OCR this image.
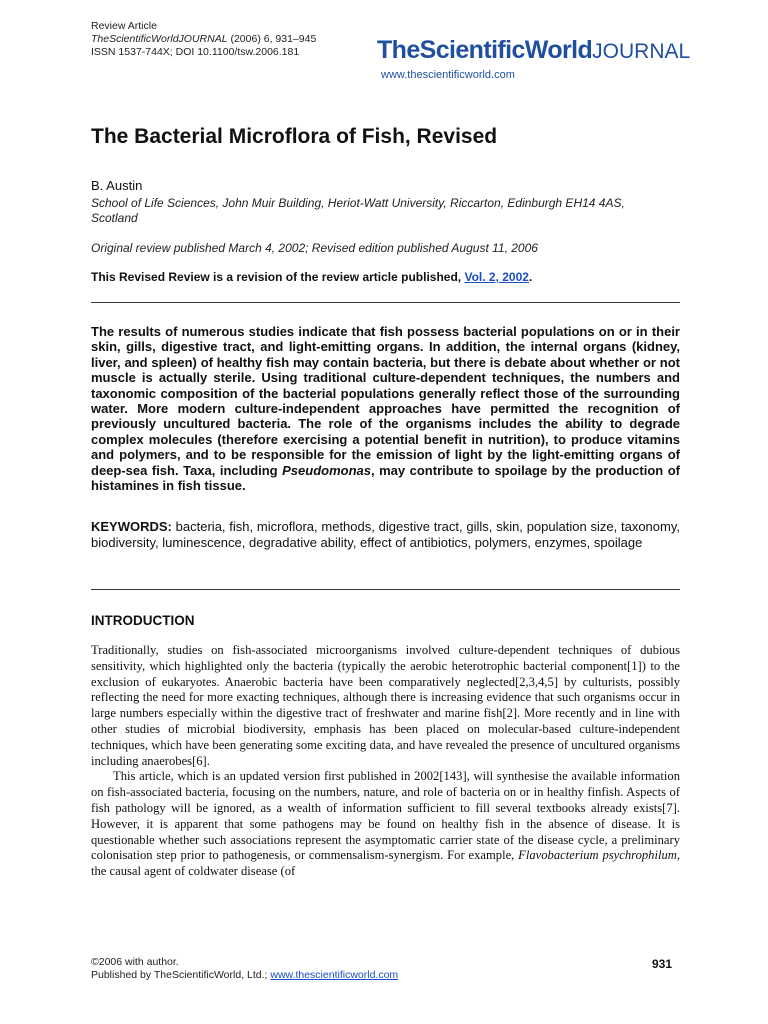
Review Article
TheScientificWorldJOURNAL (2006) 6, 931–945
ISSN 1537-744X; DOI 10.1100/tsw.2006.181	TheScientificWorldJOURNAL
www.thescientificworld.com
The Bacterial Microflora of Fish, Revised
B. Austin
School of Life Sciences, John Muir Building, Heriot-Watt University, Riccarton, Edinburgh EH14 4AS, Scotland
Original review published March 4, 2002; Revised edition published August 11, 2006
This Revised Review is a revision of the review article published, Vol. 2, 2002.
The results of numerous studies indicate that fish possess bacterial populations on or in their skin, gills, digestive tract, and light-emitting organs. In addition, the internal organs (kidney, liver, and spleen) of healthy fish may contain bacteria, but there is debate about whether or not muscle is actually sterile. Using traditional culture-dependent techniques, the numbers and taxonomic composition of the bacterial populations generally reflect those of the surrounding water. More modern culture-independent approaches have permitted the recognition of previously uncultured bacteria. The role of the organisms includes the ability to degrade complex molecules (therefore exercising a potential benefit in nutrition), to produce vitamins and polymers, and to be responsible for the emission of light by the light-emitting organs of deep-sea fish. Taxa, including Pseudomonas, may contribute to spoilage by the production of histamines in fish tissue.
KEYWORDS: bacteria, fish, microflora, methods, digestive tract, gills, skin, population size, taxonomy, biodiversity, luminescence, degradative ability, effect of antibiotics, polymers, enzymes, spoilage
INTRODUCTION

Traditionally, studies on fish-associated microorganisms involved culture-dependent techniques of dubious sensitivity, which highlighted only the bacteria (typically the aerobic heterotrophic bacterial component[1]) to the exclusion of eukaryotes. Anaerobic bacteria have been comparatively neglected[2,3,4,5] by culturists, possibly reflecting the need for more exacting techniques, although there is increasing evidence that such organisms occur in large numbers especially within the digestive tract of freshwater and marine fish[2]. More recently and in line with other studies of microbial biodiversity, emphasis has been placed on molecular-based culture-independent techniques, which have been generating some exciting data, and have revealed the presence of uncultured organisms including anaerobes[6].

This article, which is an updated version first published in 2002[143], will synthesise the available information on fish-associated bacteria, focusing on the numbers, nature, and role of bacteria on or in healthy finfish. Aspects of fish pathology will be ignored, as a wealth of information sufficient to fill several textbooks already exists[7]. However, it is apparent that some pathogens may be found on healthy fish in the absence of disease. It is questionable whether such associations represent the asymptomatic carrier state of the disease cycle, a preliminary colonisation step prior to pathogenesis, or commensalism-synergism. For example, Flavobacterium psychrophilum, the causal agent of coldwater disease (of

©2006 with author.
Published by TheScientificWorld, Ltd.; www.thescientificworld.com
931
